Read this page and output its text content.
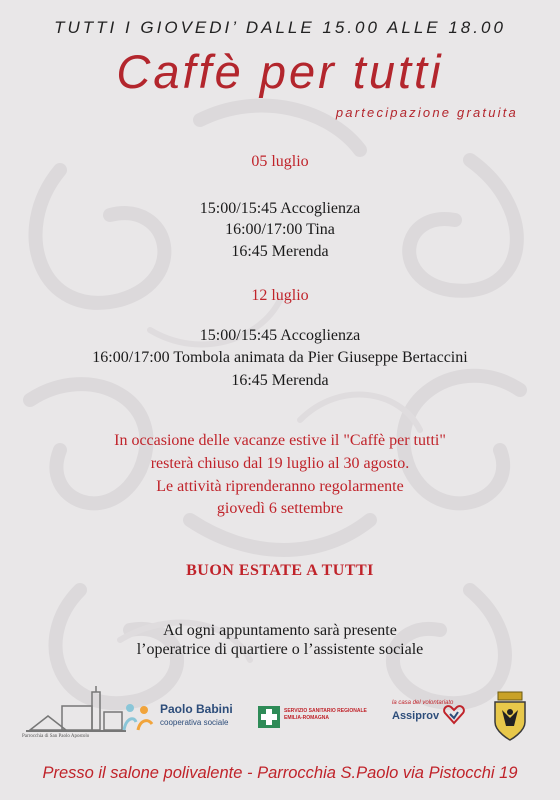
TUTTI I GIOVEDI’ DALLE 15.00 ALLE 18.00
Caffè per tutti
partecipazione gratuita
05 luglio
15:00/15:45 Accoglienza
16:00/17:00 Tina
16:45 Merenda
12 luglio
15:00/15:45 Accoglienza
16:00/17:00 Tombola animata da Pier Giuseppe Bertaccini
16:45 Merenda
In occasione delle vacanze estive il "Caffè per tutti"
resterà chiuso dal 19 luglio al 30 agosto.
Le attività riprenderanno regolarmente
giovedì 6 settembre
BUON ESTATE A TUTTI
Ad ogni appuntamento sarà presente
l’operatrice di quartiere o l’assistente sociale
Parrocchia di San Paolo Apostolo
Paolo Babini
cooperativa sociale
SERVIZIO SANITARIO REGIONALE
EMILIA-ROMAGNA
la casa del volontariato
Assiprov
Presso il salone polivalente - Parrocchia S.Paolo via Pistocchi 19
